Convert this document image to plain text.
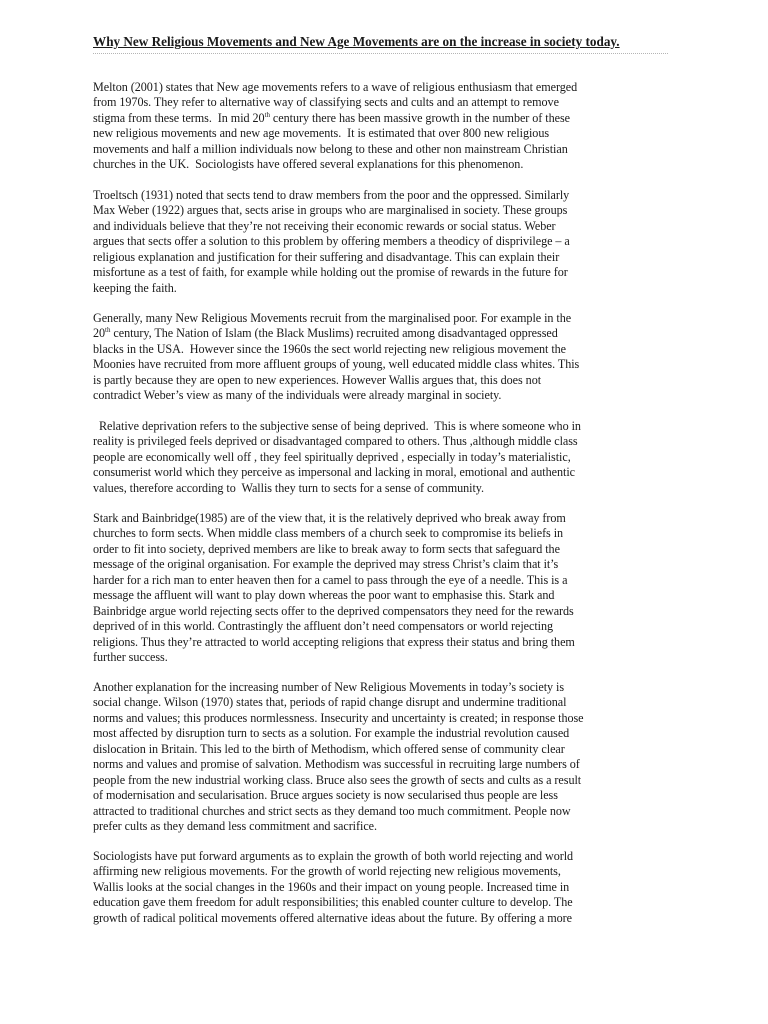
Why New Religious Movements and New Age Movements are on the increase in society today.

Melton (2001) states that New age movements refers to a wave of religious enthusiasm that emerged
from 1970s. They refer to alternative way of classifying sects and cults and an attempt to remove
stigma from these terms.  In mid 20th century there has been massive growth in the number of these
new religious movements and new age movements.  It is estimated that over 800 new religious
movements and half a million individuals now belong to these and other non mainstream Christian
churches in the UK.  Sociologists have offered several explanations for this phenomenon.

Troeltsch (1931) noted that sects tend to draw members from the poor and the oppressed. Similarly
Max Weber (1922) argues that, sects arise in groups who are marginalised in society. These groups
and individuals believe that they’re not receiving their economic rewards or social status. Weber
argues that sects offer a solution to this problem by offering members a theodicy of disprivilege – a
religious explanation and justification for their suffering and disadvantage. This can explain their
misfortune as a test of faith, for example while holding out the promise of rewards in the future for
keeping the faith.

Generally, many New Religious Movements recruit from the marginalised poor. For example in the
20th century, The Nation of Islam (the Black Muslims) recruited among disadvantaged oppressed
blacks in the USA.  However since the 1960s the sect world rejecting new religious movement the
Moonies have recruited from more affluent groups of young, well educated middle class whites. This
is partly because they are open to new experiences. However Wallis argues that, this does not
contradict Weber’s view as many of the individuals were already marginal in society.

Relative deprivation refers to the subjective sense of being deprived.  This is where someone who in
reality is privileged feels deprived or disadvantaged compared to others. Thus ,although middle class
people are economically well off , they feel spiritually deprived , especially in today’s materialistic,
consumerist world which they perceive as impersonal and lacking in moral, emotional and authentic
values, therefore according to  Wallis they turn to sects for a sense of community.

Stark and Bainbridge(1985) are of the view that, it is the relatively deprived who break away from
churches to form sects. When middle class members of a church seek to compromise its beliefs in
order to fit into society, deprived members are like to break away to form sects that safeguard the
message of the original organisation. For example the deprived may stress Christ’s claim that it’s
harder for a rich man to enter heaven then for a camel to pass through the eye of a needle. This is a
message the affluent will want to play down whereas the poor want to emphasise this. Stark and
Bainbridge argue world rejecting sects offer to the deprived compensators they need for the rewards
deprived of in this world. Contrastingly the affluent don’t need compensators or world rejecting
religions. Thus they’re attracted to world accepting religions that express their status and bring them
further success.

Another explanation for the increasing number of New Religious Movements in today’s society is
social change. Wilson (1970) states that, periods of rapid change disrupt and undermine traditional
norms and values; this produces normlessness. Insecurity and uncertainty is created; in response those
most affected by disruption turn to sects as a solution. For example the industrial revolution caused
dislocation in Britain. This led to the birth of Methodism, which offered sense of community clear
norms and values and promise of salvation. Methodism was successful in recruiting large numbers of
people from the new industrial working class. Bruce also sees the growth of sects and cults as a result
of modernisation and secularisation. Bruce argues society is now secularised thus people are less
attracted to traditional churches and strict sects as they demand too much commitment. People now
prefer cults as they demand less commitment and sacrifice.

Sociologists have put forward arguments as to explain the growth of both world rejecting and world
affirming new religious movements. For the growth of world rejecting new religious movements,
Wallis looks at the social changes in the 1960s and their impact on young people. Increased time in
education gave them freedom for adult responsibilities; this enabled counter culture to develop. The
growth of radical political movements offered alternative ideas about the future. By offering a more
